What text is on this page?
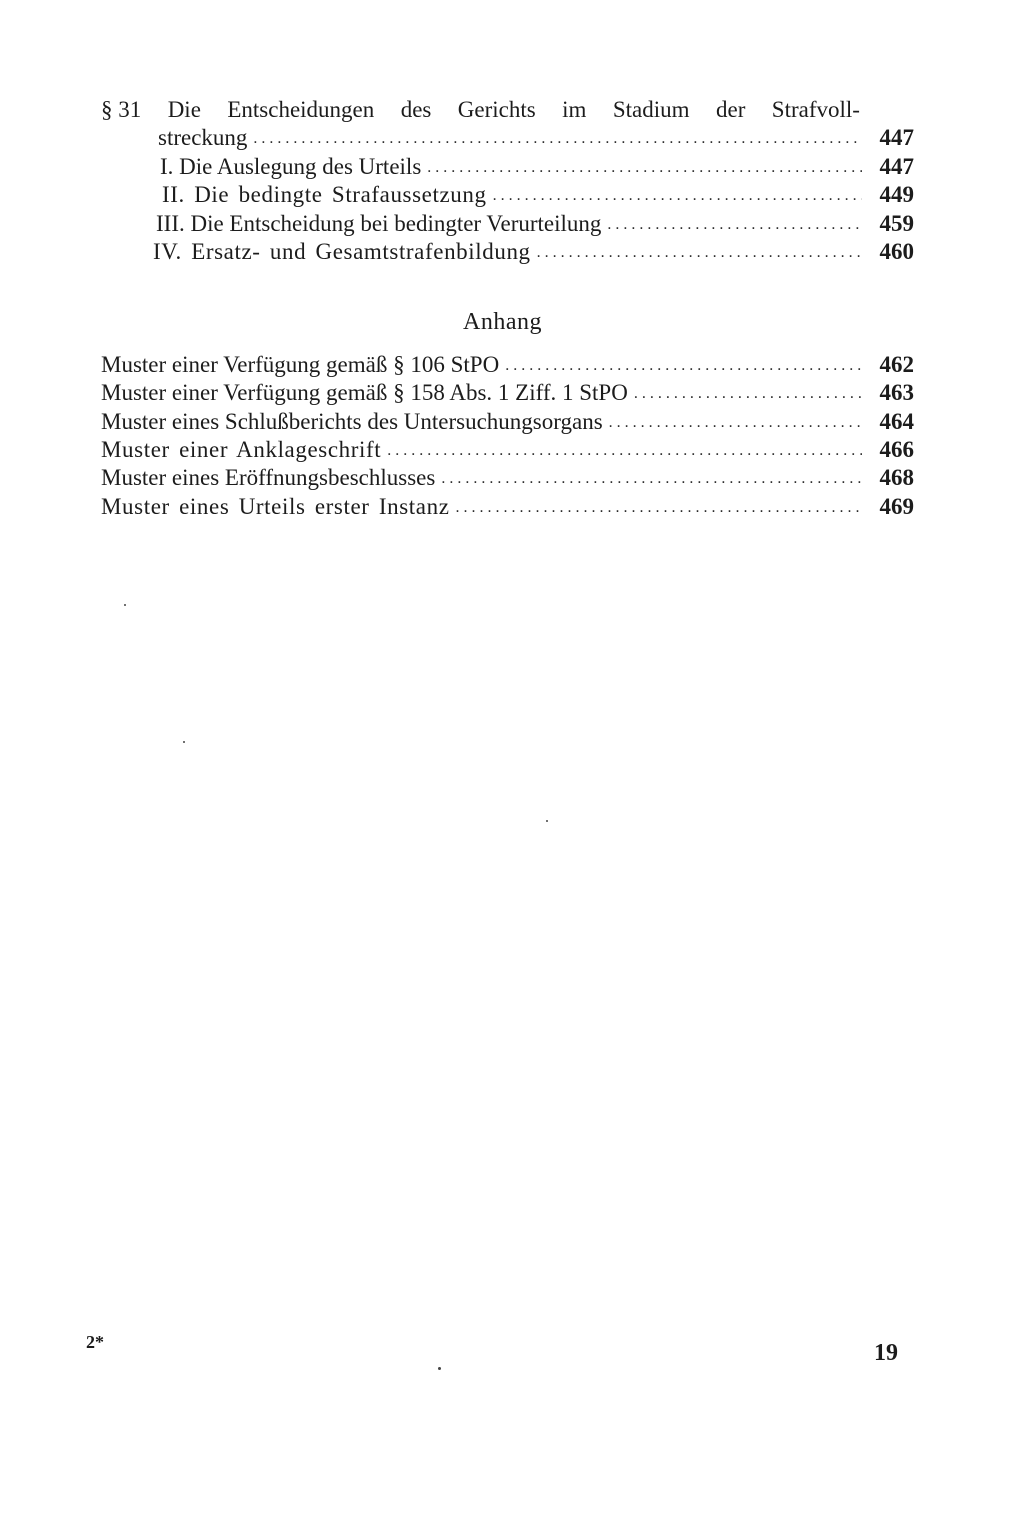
§ 31 Die Entscheidungen des Gerichts im Stadium der Strafvoll-
streckung . . .	447
I. Die Auslegung des Urteils . . .	447
II. Die bedingte Strafaussetzung . . .	449
III. Die Entscheidung bei bedingter Verurteilung . . .	459
IV. Ersatz- und Gesamtstrafenbildung . . .	460
Anhang
Muster einer Verfügung gemäß § 106 StPO . . .	462
Muster einer Verfügung gemäß § 158 Abs. 1 Ziff. 1 StPO . . .	463
Muster eines Schlußberichts des Untersuchungsorgans . . .	464
Muster einer Anklageschrift . . .	466
Muster eines Eröffnungsbeschlusses . . .	468
Muster eines Urteils erster Instanz . . .	469
2*	19
